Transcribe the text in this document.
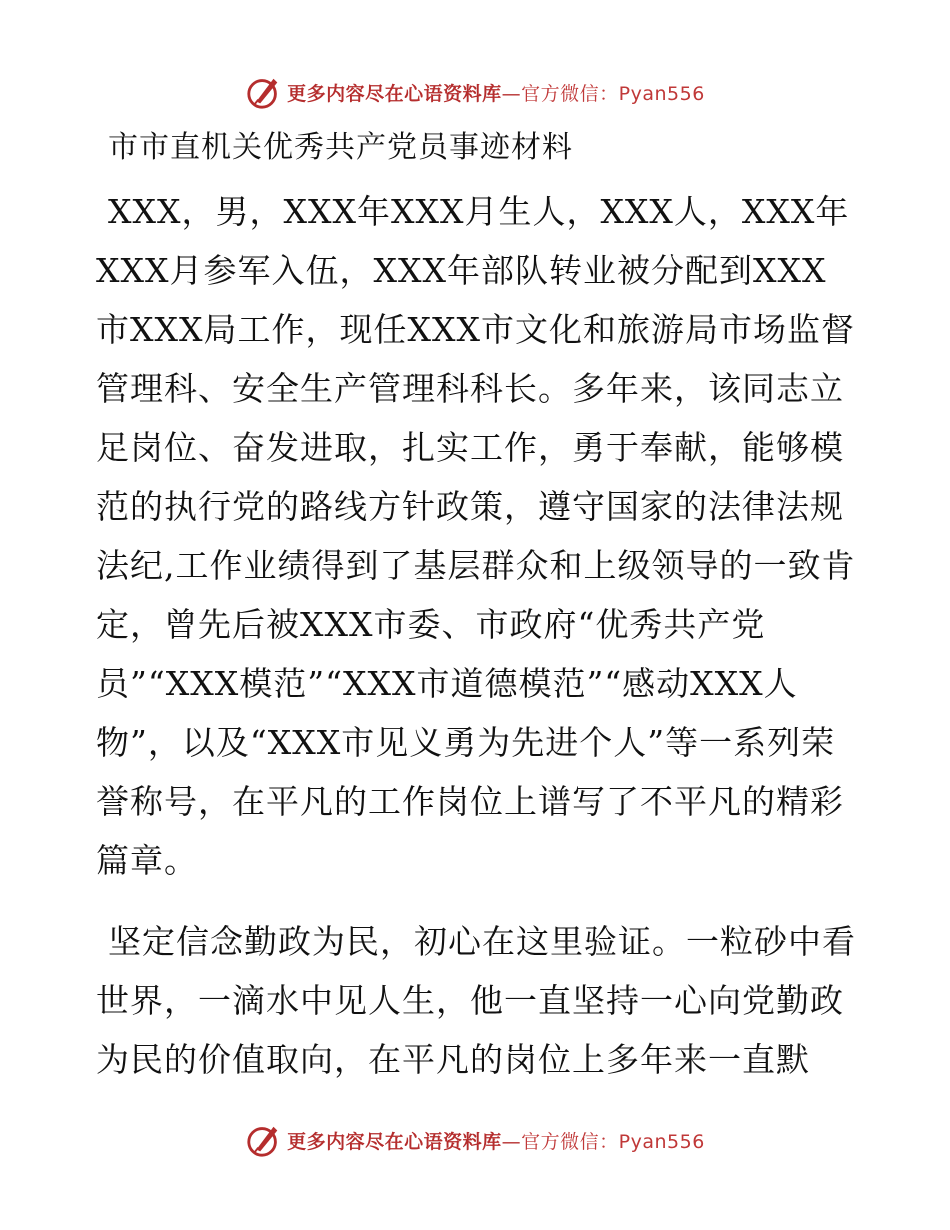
更多内容尽在心语资料库—官方微信：Pyan556
市市直机关优秀共产党员事迹材料

XXX，男，XXX年XXX月生人，XXX人，XXX年XXX月参军入伍，XXX年部队转业被分配到XXX市XXX局工作，现任XXX市文化和旅游局市场监督管理科、安全生产管理科科长。多年来，该同志立足岗位、奋发进取，扎实工作，勇于奉献，能够模范的执行党的路线方针政策，遵守国家的法律法规法纪,工作业绩得到了基层群众和上级领导的一致肯定，曾先后被XXX市委、市政府“优秀共产党员”“XXX模范”“XXX市道德模范”“感动XXX人物”，以及“XXX市见义勇为先进个人”等一系列荣誉称号，在平凡的工作岗位上谱写了不平凡的精彩篇章。

坚定信念勤政为民，初心在这里验证。一粒砂中看世界，一滴水中见人生，他一直坚持一心向党勤政为民的价值取向，在平凡的岗位上多年来一直默

更多内容尽在心语资料库—官方微信：Pyan556
